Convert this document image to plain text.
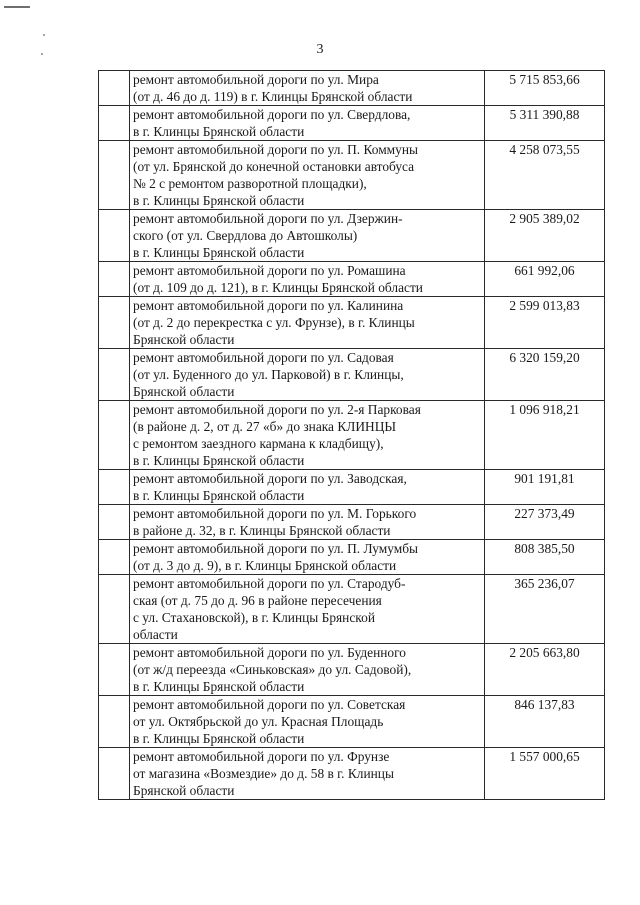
3

	ремонт автомобильной дороги по ул. Мира
(от д. 46 до д. 119) в г. Клинцы Брянской области	5 715 853,66

	ремонт автомобильной дороги по ул. Свердлова,
в г. Клинцы Брянской области	5 311 390,88

	ремонт автомобильной дороги по ул. П. Коммуны
(от ул. Брянской до конечной остановки автобуса
№ 2 с ремонтом разворотной площадки),
в г. Клинцы Брянской области	4 258 073,55

	ремонт автомобильной дороги по ул. Дзержин-
ского (от ул. Свердлова до Автошколы)
в г. Клинцы Брянской области	2 905 389,02

	ремонт автомобильной дороги по ул. Ромашина
(от д. 109 до д. 121), в г. Клинцы Брянской области	661 992,06

	ремонт автомобильной дороги по ул. Калинина
(от д. 2 до перекрестка с ул. Фрунзе), в г. Клинцы
Брянской области	2 599 013,83

	ремонт автомобильной дороги по ул. Садовая
(от ул. Буденного до ул. Парковой) в г. Клинцы,
Брянской области	6 320 159,20

	ремонт автомобильной дороги по ул. 2-я Парковая
(в районе д. 2, от д. 27 «б» до знака КЛИНЦЫ
с ремонтом заездного кармана к кладбищу),
в г. Клинцы Брянской области	1 096 918,21

	ремонт автомобильной дороги по ул. Заводская,
в г. Клинцы Брянской области	901 191,81

	ремонт автомобильной дороги по ул. М. Горького
в районе д. 32, в г. Клинцы Брянской области	227 373,49

	ремонт автомобильной дороги по ул. П. Лумумбы
(от д. 3 до д. 9), в г. Клинцы Брянской области	808 385,50

	ремонт автомобильной дороги по ул. Стародуб-
ская (от д. 75 до д. 96 в районе пересечения
с ул. Стахановской), в г. Клинцы Брянской
области	365 236,07

	ремонт автомобильной дороги по ул. Буденного
(от ж/д переезда «Синьковская» до ул. Садовой),
в г. Клинцы Брянской области	2 205 663,80

	ремонт автомобильной дороги по ул. Советская
от ул. Октябрьской до ул. Красная Площадь
в г. Клинцы Брянской области	846 137,83

	ремонт автомобильной дороги по ул. Фрунзе
от магазина «Возмездие» до д. 58 в г. Клинцы
Брянской области	1 557 000,65
